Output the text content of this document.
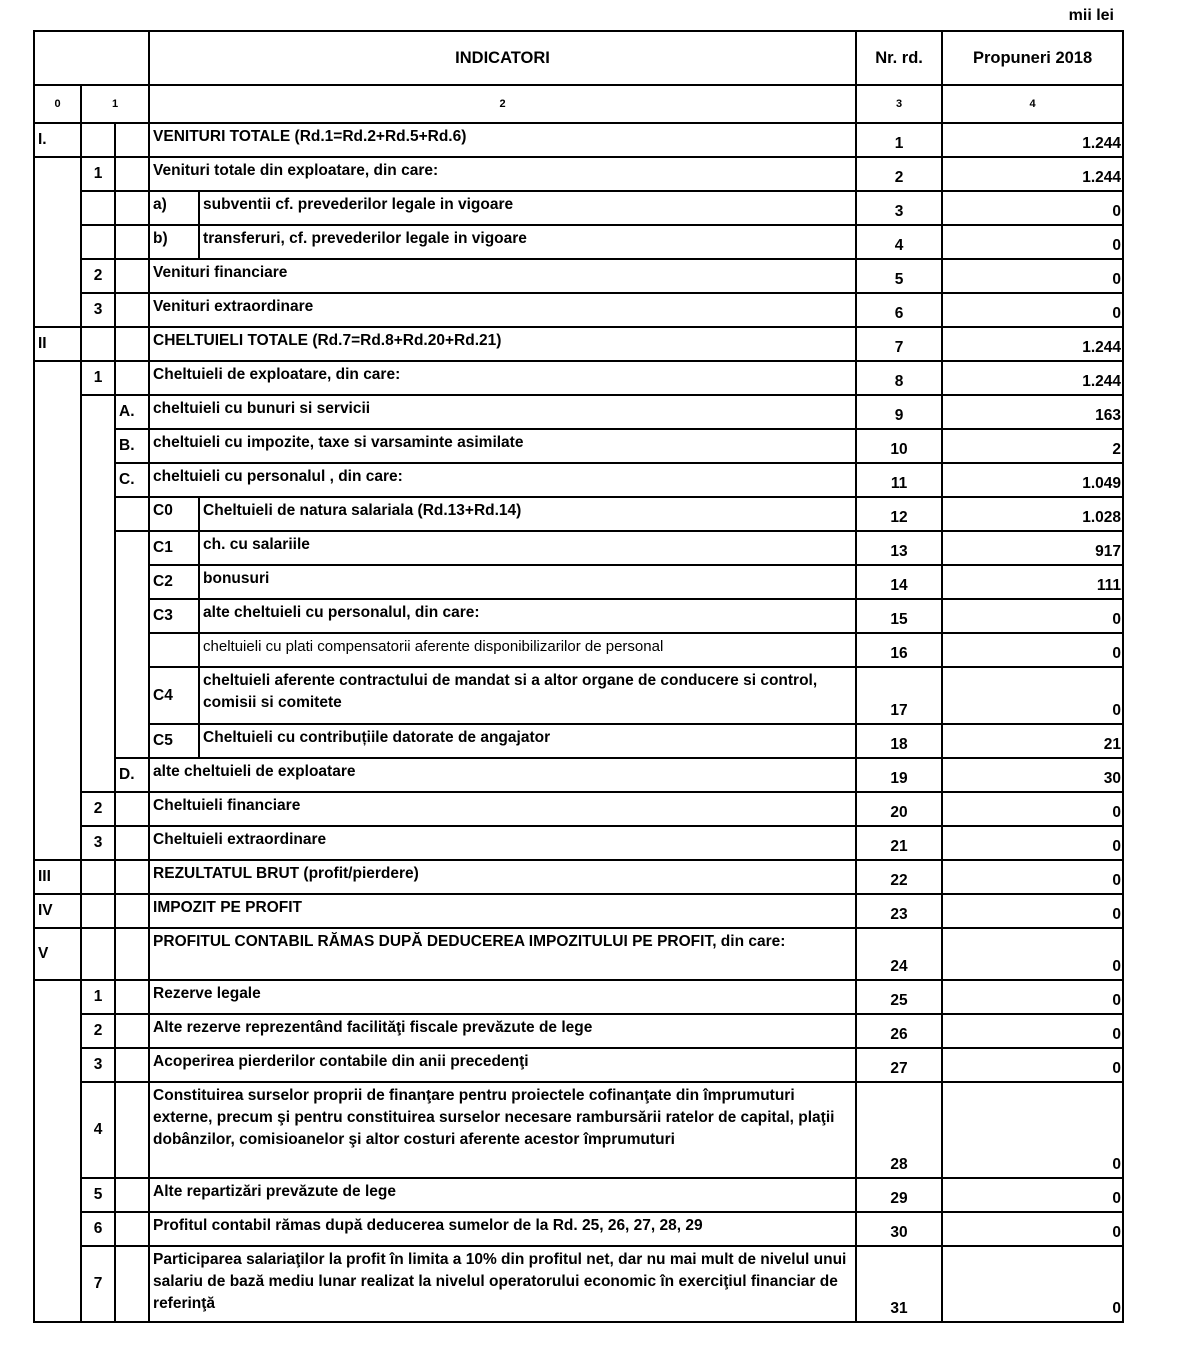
mii lei
			INDICATORI		Nr. rd.	Propuneri 2018
0	1		2		3	4
I.			VENITURI TOTALE (Rd.1=Rd.2+Rd.5+Rd.6)		1	1.244
	1		Venituri totale din exploatare, din care:		2	1.244
			a)	subventii cf. prevederilor legale in vigoare	3	0
			b)	transferuri, cf. prevederilor legale in vigoare	4	0
	2		Venituri financiare		5	0
	3		Venituri extraordinare		6	0
II			CHELTUIELI TOTALE (Rd.7=Rd.8+Rd.20+Rd.21)		7	1.244
	1		Cheltuieli de exploatare, din care:		8	1.244
		A.	cheltuieli cu bunuri si servicii		9	163
		B.	cheltuieli cu impozite, taxe si varsaminte asimilate		10	2
		C.	cheltuieli cu personalul , din care:		11	1.049
			C0	Cheltuieli de natura salariala (Rd.13+Rd.14)	12	1.028
			C1	ch. cu salariile	13	917
			C2	bonusuri	14	111
			C3	alte cheltuieli cu personalul, din care:	15	0
				cheltuieli cu plati compensatorii aferente disponibilizarilor de personal	16	0
			C4	cheltuieli aferente contractului de mandat si a altor organe de conducere si control, comisii si comitete	17	0
			C5	Cheltuieli cu contribuțiile datorate de angajator	18	21
		D.	alte cheltuieli de exploatare		19	30
	2		Cheltuieli financiare		20	0
	3		Cheltuieli extraordinare		21	0
III			REZULTATUL BRUT (profit/pierdere)		22	0
IV			IMPOZIT PE PROFIT		23	0
V			PROFITUL CONTABIL RĂMAS DUPĂ DEDUCEREA IMPOZITULUI PE PROFIT, din care:		24	0
	1		Rezerve legale		25	0
	2		Alte rezerve reprezentând facilităţi fiscale prevăzute de lege		26	0
	3		Acoperirea pierderilor contabile din anii precedenţi		27	0
	4		Constituirea surselor proprii de finanţare pentru proiectele cofinanţate din împrumuturi externe, precum şi pentru constituirea surselor necesare rambursării ratelor de capital, plaţii dobânzilor, comisioanelor şi altor costuri aferente acestor împrumuturi		28	0
	5		Alte repartizări prevăzute de lege		29	0
	6		Profitul contabil rămas după deducerea sumelor de la Rd. 25, 26, 27, 28, 29		30	0
	7		Participarea salariaţilor la profit în limita a 10% din profitul net, dar nu mai mult de nivelul unui salariu de bază mediu lunar realizat la nivelul operatorului economic în exerciţiul financiar de referinţă		31	0
